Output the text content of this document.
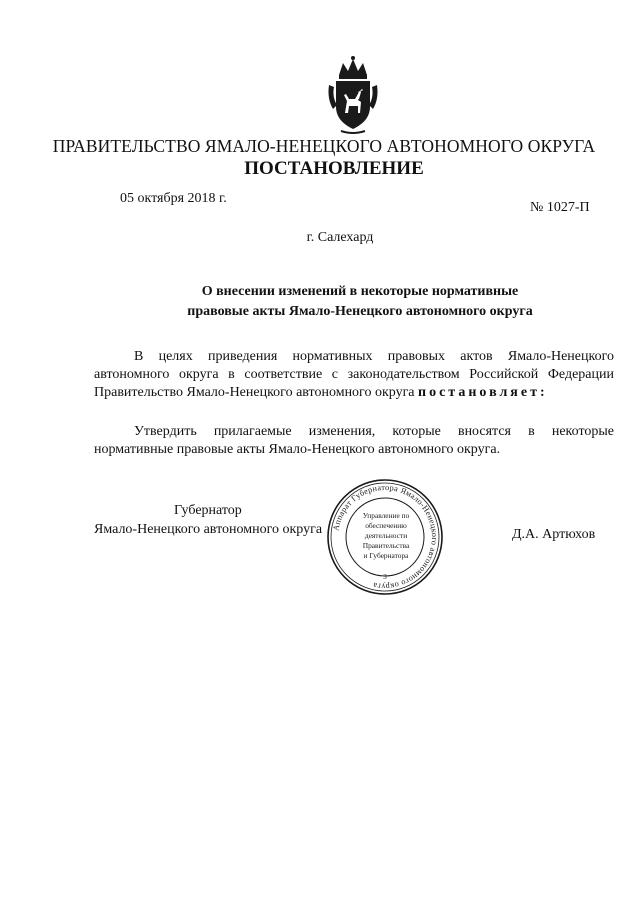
ПРАВИТЕЛЬСТВО ЯМАЛО-НЕНЕЦКОГО АВТОНОМНОГО ОКРУГА
ПОСТАНОВЛЕНИЕ
05 октября 2018 г.
№ 1027-П
г. Салехард
О внесении изменений в некоторые нормативные
правовые акты Ямало-Ненецкого автономного округа
В целях приведения нормативных правовых актов Ямало-Ненецкого автономного округа в соответствие с законодательством Российской Федерации Правительство Ямало-Ненецкого автономного округа постановляет:
Утвердить прилагаемые изменения, которые вносятся в некоторые нормативные правовые акты Ямало-Ненецкого автономного округа.
Губернатор
Ямало-Ненецкого автономного округа	Д.А. Артюхов
Аппарат Губернатора Ямало-Ненецкого автономного округа
3
Управление по
обеспечению
деятельности
Правительства
и Губернатора
